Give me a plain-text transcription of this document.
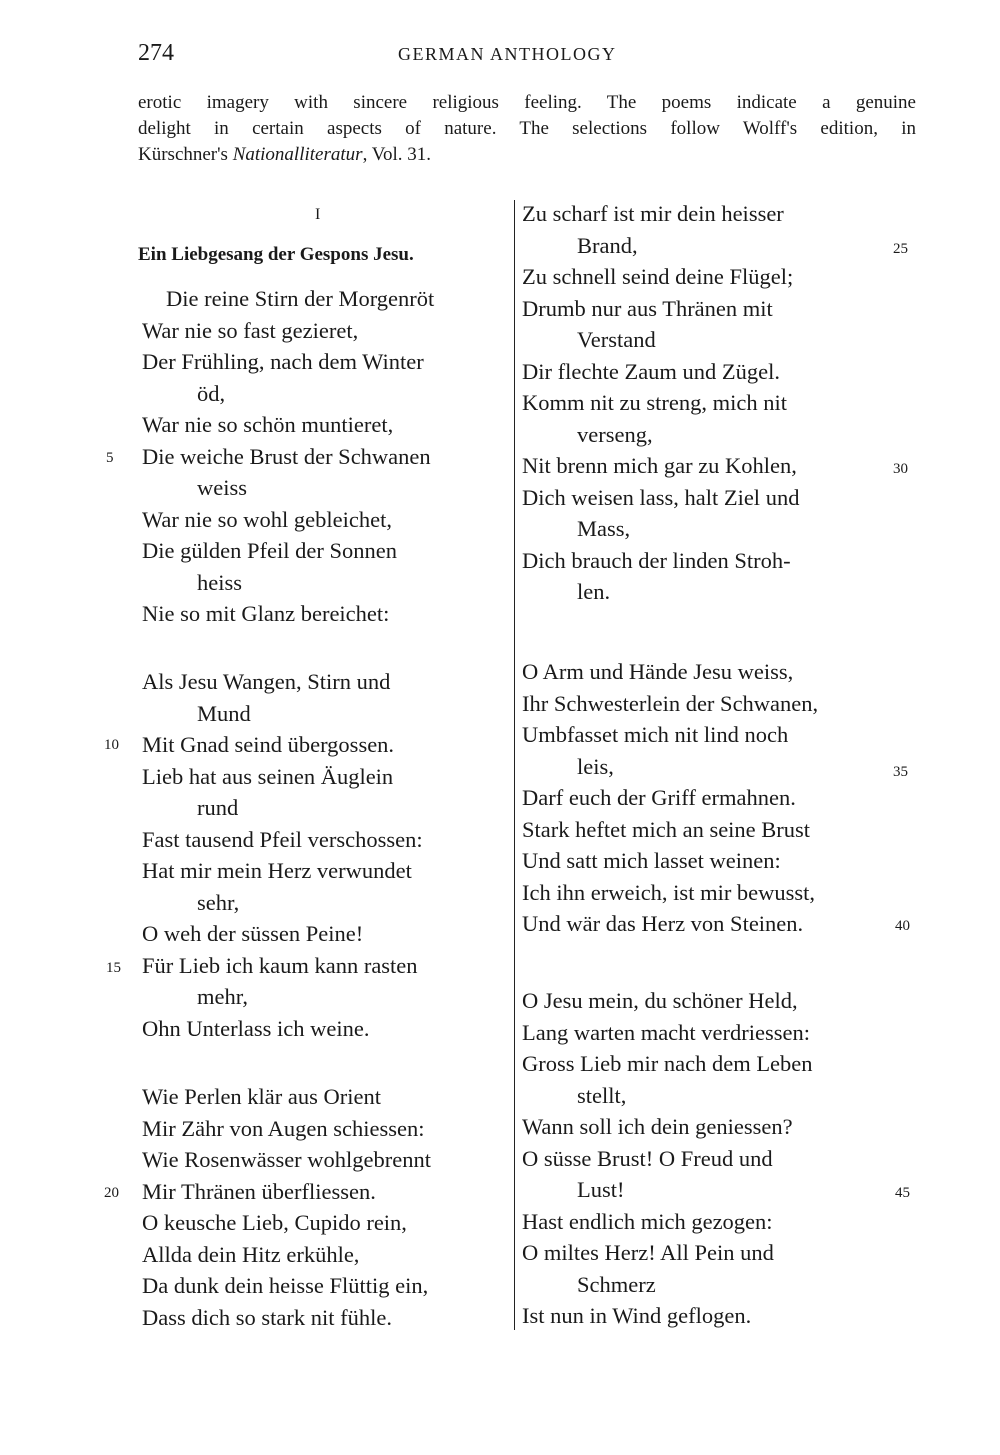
274	GERMAN ANTHOLOGY
erotic imagery with sincere religious feeling. The poems indicate a genuine
delight in certain aspects of nature. The selections follow Wolff's edition, in
Kürschner's Nationalliteratur, Vol. 31.
I
Ein Liebgesang der Gespons Jesu.
Die reine Stirn der Morgenröt
War nie so fast gezieret,
Der Frühling, nach dem Winter
öd,
War nie so schön muntieret,
Die weiche Brust der Schwanen
weiss
War nie so wohl gebleichet,
Die gülden Pfeil der Sonnen
heiss
Nie so mit Glanz bereichet:
Als Jesu Wangen, Stirn und
Mund
Mit Gnad seind übergossen.
Lieb hat aus seinen Äuglein
rund
Fast tausend Pfeil verschossen:
Hat mir mein Herz verwundet
sehr,
O weh der süssen Peine!
Für Lieb ich kaum kann rasten
mehr,
Ohn Unterlass ich weine.
Wie Perlen klär aus Orient
Mir Zähr von Augen schiessen:
Wie Rosenwässer wohlgebrennt
Mir Thränen überfliessen.
O keusche Lieb, Cupido rein,
Allda dein Hitz erkühle,
Da dunk dein heisse Flüttig ein,
Dass dich so stark nit fühle.
5
10
15
20
Zu scharf ist mir dein heisser
Brand,
Zu schnell seind deine Flügel;
Drumb nur aus Thränen mit
Verstand
Dir flechte Zaum und Zügel.
Komm nit zu streng, mich nit
verseng,
Nit brenn mich gar zu Kohlen,
Dich weisen lass, halt Ziel und
Mass,
Dich brauch der linden Stroh-
len.
O Arm und Hände Jesu weiss,
Ihr Schwesterlein der Schwanen,
Umbfasset mich nit lind noch
leis,
Darf euch der Griff ermahnen.
Stark heftet mich an seine Brust
Und satt mich lasset weinen:
Ich ihn erweich, ist mir bewusst,
Und wär das Herz von Steinen.
O Jesu mein, du schöner Held,
Lang warten macht verdriessen:
Gross Lieb mir nach dem Leben
stellt,
Wann soll ich dein geniessen?
O süsse Brust! O Freud und
Lust!
Hast endlich mich gezogen:
O miltes Herz! All Pein und
Schmerz
Ist nun in Wind geflogen.
25
30
35
40
45
